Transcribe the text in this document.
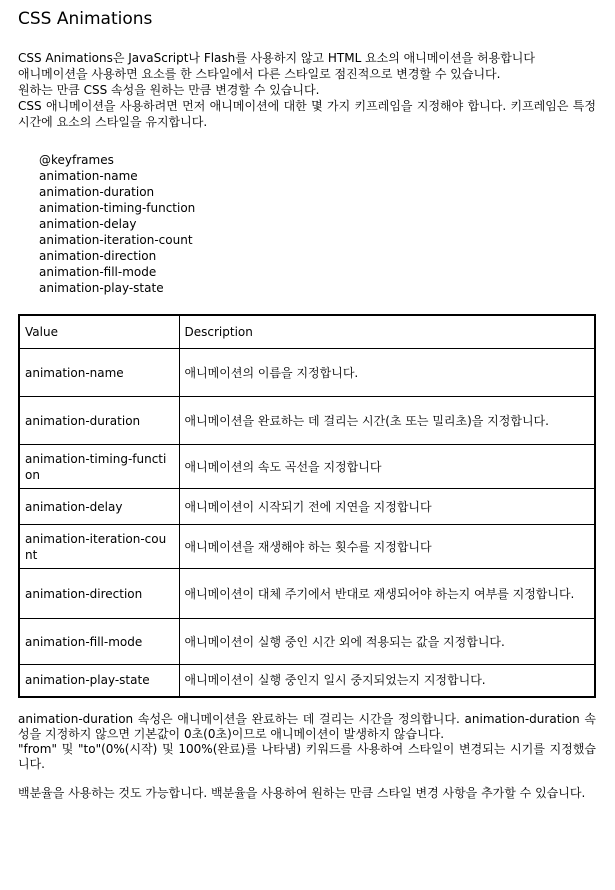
CSS Animations

CSS Animations은 JavaScript나 Flash를 사용하지 않고 HTML 요소의 애니메이션을 허용합니다

애니메이션을 사용하면 요소를 한 스타일에서 다른 스타일로 점진적으로 변경할 수 있습니다.

원하는 만큼 CSS 속성을 원하는 만큼 변경할 수 있습니다.

CSS 애니메이션을 사용하려면 먼저 애니메이션에 대한 몇 가지 키프레임을 지정해야 합니다. 키프레임은 특정 시간에 요소의 스타일을 유지합니다.

@keyframes
animation-name
animation-duration
animation-timing-function
animation-delay
animation-iteration-count
animation-direction
animation-fill-mode
animation-play-state
Value	Description
animation-name	애니메이션의 이름을 지정합니다.
animation-duration	애니메이션을 완료하는 데 걸리는 시간(초 또는 밀리초)을 지정합니다.
animation-timing-function	애니메이션의 속도 곡선을 지정합니다
animation-delay	애니메이션이 시작되기 전에 지연을 지정합니다
animation-iteration-count	애니메이션을 재생해야 하는 횟수를 지정합니다
animation-direction	애니메이션이 대체 주기에서 반대로 재생되어야 하는지 여부를 지정합니다.
animation-fill-mode	애니메이션이 실행 중인 시간 외에 적용되는 값을 지정합니다.
animation-play-state	애니메이션이 실행 중인지 일시 중지되었는지 지정합니다.

animation-duration 속성은 애니메이션을 완료하는 데 걸리는 시간을 정의합니다. animation-duration 속성을 지정하지 않으면 기본값이 0초(0초)이므로 애니메이션이 발생하지 않습니다.

"from" 및 "to"(0%(시작) 및 100%(완료)를 나타냄) 키워드를 사용하여 스타일이 변경되는 시기를 지정했습니다.

백분율을 사용하는 것도 가능합니다. 백분율을 사용하여 원하는 만큼 스타일 변경 사항을 추가할 수 있습니다.
